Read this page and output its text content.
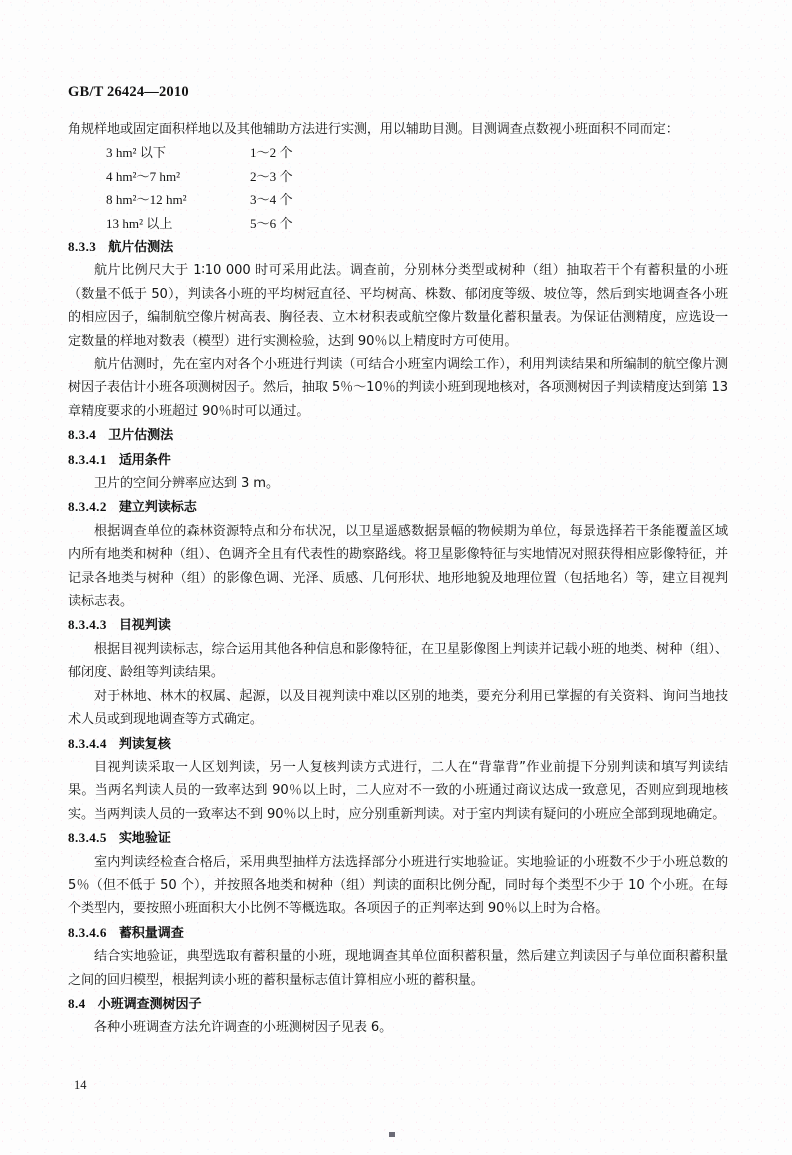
GB/T 26424—2010

角规样地或固定面积样地以及其他辅助方法进行实测，用以辅助目测。目测调查点数视小班面积不同而定：

3 hm² 以下	1～2 个
4 hm²～7 hm²	2～3 个
8 hm²～12 hm²	3～4 个
13 hm² 以上	5～6 个
8.3.3 航片估测法

航片比例尺大于 1∶10 000 时可采用此法。调查前，分别林分类型或树种（组）抽取若干个有蓄积量的小班（数量不低于 50），判读各小班的平均树冠直径、平均树高、株数、郁闭度等级、坡位等，然后到实地调查各小班的相应因子，编制航空像片树高表、胸径表、立木材积表或航空像片数量化蓄积量表。为保证估测精度，应选设一定数量的样地对数表（模型）进行实测检验，达到 90％以上精度时方可使用。

航片估测时，先在室内对各个小班进行判读（可结合小班室内调绘工作），利用判读结果和所编制的航空像片测树因子表估计小班各项测树因子。然后，抽取 5％～10％的判读小班到现地核对，各项测树因子判读精度达到第 13 章精度要求的小班超过 90％时可以通过。

8.3.4 卫片估测法
8.3.4.1 适用条件

卫片的空间分辨率应达到 3 m。

8.3.4.2 建立判读标志

根据调查单位的森林资源特点和分布状况，以卫星遥感数据景幅的物候期为单位，每景选择若干条能覆盖区域内所有地类和树种（组）、色调齐全且有代表性的勘察路线。将卫星影像特征与实地情况对照获得相应影像特征，并记录各地类与树种（组）的影像色调、光泽、质感、几何形状、地形地貌及地理位置（包括地名）等，建立目视判读标志表。

8.3.4.3 目视判读

根据目视判读标志，综合运用其他各种信息和影像特征，在卫星影像图上判读并记载小班的地类、树种（组）、郁闭度、龄组等判读结果。

对于林地、林木的权属、起源，以及目视判读中难以区别的地类，要充分利用已掌握的有关资料、询问当地技术人员或到现地调查等方式确定。

8.3.4.4 判读复核

目视判读采取一人区划判读，另一人复核判读方式进行，二人在“背靠背”作业前提下分别判读和填写判读结果。当两名判读人员的一致率达到 90％以上时，二人应对不一致的小班通过商议达成一致意见，否则应到现地核实。当两判读人员的一致率达不到 90％以上时，应分别重新判读。对于室内判读有疑问的小班应全部到现地确定。

8.3.4.5 实地验证

室内判读经检查合格后，采用典型抽样方法选择部分小班进行实地验证。实地验证的小班数不少于小班总数的 5％（但不低于 50 个），并按照各地类和树种（组）判读的面积比例分配，同时每个类型不少于 10 个小班。在每个类型内，要按照小班面积大小比例不等概选取。各项因子的正判率达到 90％以上时为合格。

8.3.4.6 蓄积量调查

结合实地验证，典型选取有蓄积量的小班，现地调查其单位面积蓄积量，然后建立判读因子与单位面积蓄积量之间的回归模型，根据判读小班的蓄积量标志值计算相应小班的蓄积量。

8.4 小班调查测树因子

各种小班调查方法允许调查的小班测树因子见表 6。

14
